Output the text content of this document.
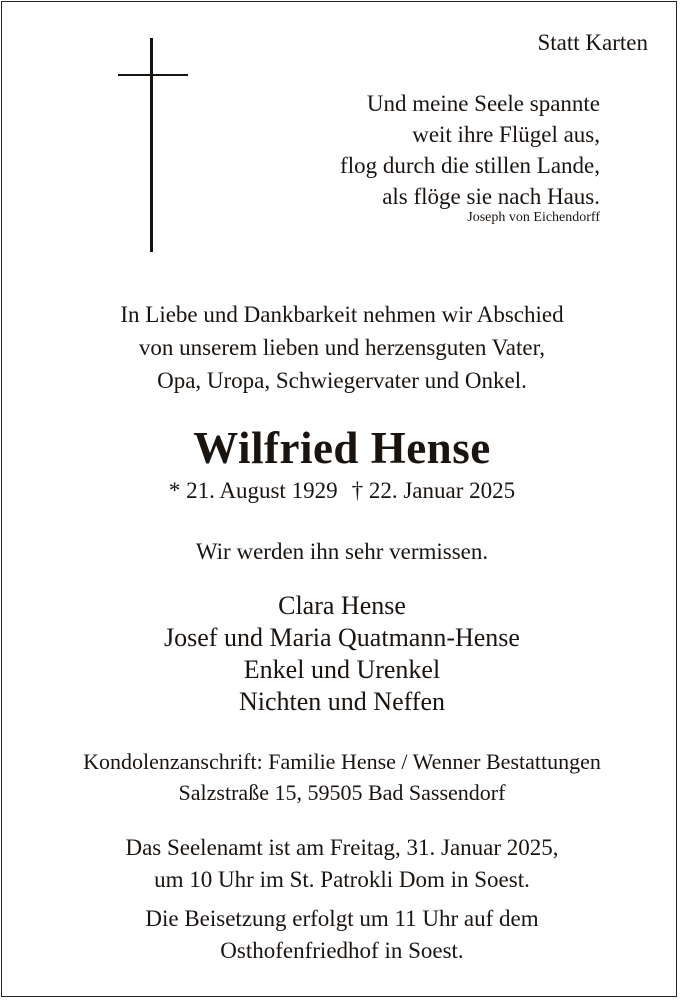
Statt Karten
Und meine Seele spannte
weit ihre Flügel aus,
flog durch die stillen Lande,
als flöge sie nach Haus.
Joseph von Eichendorff
In Liebe und Dankbarkeit nehmen wir Abschied
von unserem lieben und herzensguten Vater,
Opa, Uropa, Schwiegervater und Onkel.
Wilfried Hense
* 21. August 1929 † 22. Januar 2025
Wir werden ihn sehr vermissen.
Clara Hense
Josef und Maria Quatmann-Hense
Enkel und Urenkel
Nichten und Neffen
Kondolenzanschrift: Familie Hense / Wenner Bestattungen
Salzstraße 15, 59505 Bad Sassendorf
Das Seelenamt ist am Freitag, 31. Januar 2025,
um 10 Uhr im St. Patrokli Dom in Soest.
Die Beisetzung erfolgt um 11 Uhr auf dem
Osthofenfriedhof in Soest.
